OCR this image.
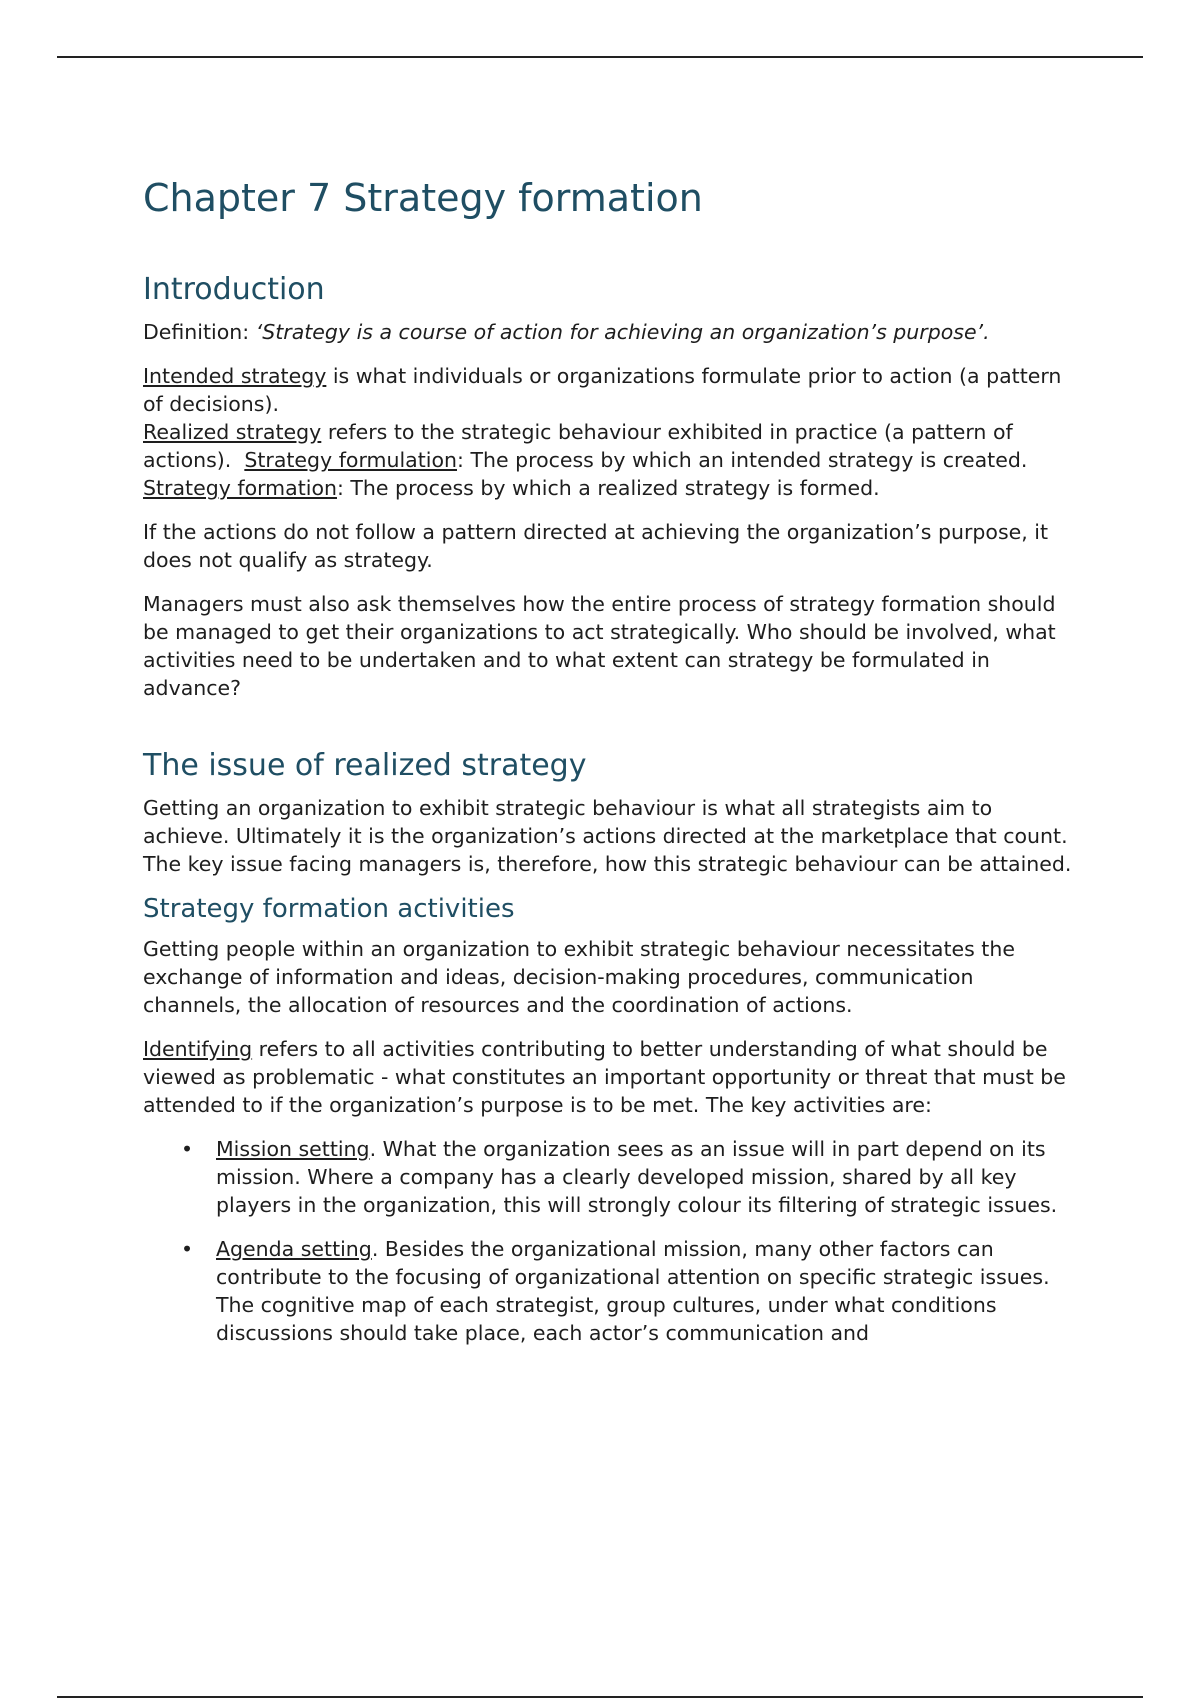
Chapter 7 Strategy formation
Introduction

Definition: ‘Strategy is a course of action for achieving an organization’s purpose’.

Intended strategy is what individuals or organizations formulate prior to action (a pattern of decisions).

Realized strategy refers to the strategic behaviour exhibited in practice (a pattern of actions).  Strategy formulation: The process by which an intended strategy is created.

Strategy formation: The process by which a realized strategy is formed.

If the actions do not follow a pattern directed at achieving the organization’s purpose, it does not qualify as strategy.

Managers must also ask themselves how the entire process of strategy formation should be managed to get their organizations to act strategically. Who should be involved, what activities need to be undertaken and to what extent can strategy be formulated in advance?

The issue of realized strategy

Getting an organization to exhibit strategic behaviour is what all strategists aim to achieve. Ultimately it is the organization’s actions directed at the marketplace that count. The key issue facing managers is, therefore, how this strategic behaviour can be attained.

Strategy formation activities

Getting people within an organization to exhibit strategic behaviour necessitates the exchange of information and ideas, decision-making procedures, communication channels, the allocation of resources and the coordination of actions.

Identifying refers to all activities contributing to better understanding of what should be viewed as problematic - what constitutes an important opportunity or threat that must be attended to if the organization’s purpose is to be met. The key activities are:

• Mission setting. What the organization sees as an issue will in part depend on its mission. Where a company has a clearly developed mission, shared by all key players in the organization, this will strongly colour its filtering of strategic issues.
• Agenda setting. Besides the organizational mission, many other factors can contribute to the focusing of organizational attention on specific strategic issues. The cognitive map of each strategist, group cultures, under what conditions discussions should take place, each actor’s communication and
